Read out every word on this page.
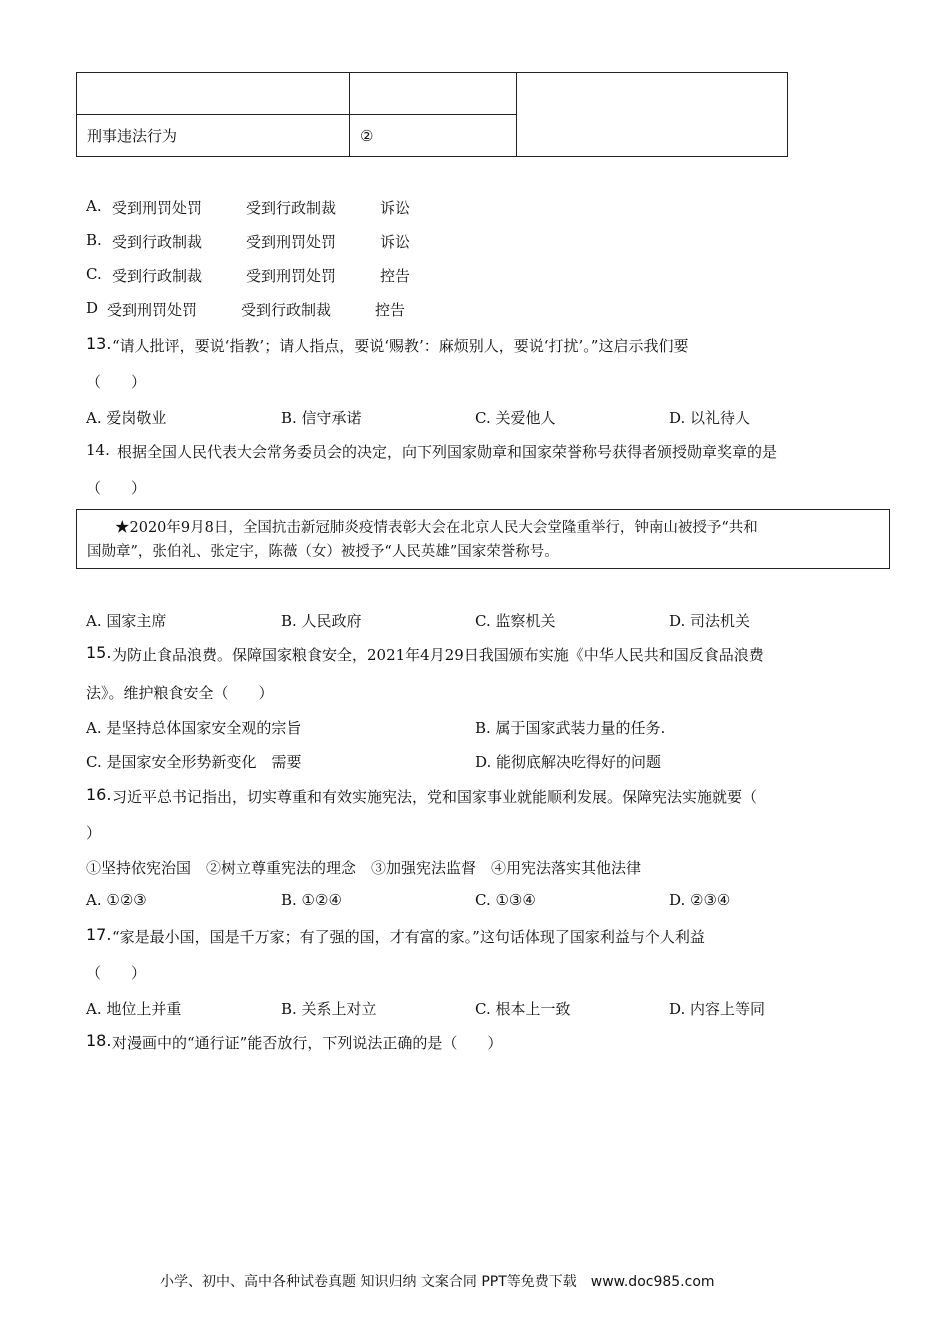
刑事违法行为	②	
A. 受到刑罚处罚	受到行政制裁	诉讼
B. 受到行政制裁	受到刑罚处罚	诉讼
C. 受到行政制裁	受到刑罚处罚	控告
D 受到刑罚处罚	受到行政制裁	控告
13. “请人批评，要说‘指教’；请人指点，要说‘赐教’：麻烦别人，要说‘打扰’。”这启示我们要
（　　）
A. 爱岗敬业	B. 信守承诺	C. 关爱他人	D. 以礼待人
14. 根据全国人民代表大会常务委员会的决定，向下列国家勋章和国家荣誉称号获得者颁授勋章奖章的是
（　　）
★2020年9月8日，全国抗击新冠肺炎疫情表彰大会在北京人民大会堂隆重举行，钟南山被授予“共和
国勋章”，张伯礼、张定宇，陈薇（女）被授予“人民英雄”国家荣誉称号。
A. 国家主席	B. 人民政府	C. 监察机关	D. 司法机关
15. 为防止食品浪费。保障国家粮食安全，2021年4月29日我国颁布实施《中华人民共和国反食品浪费
法》。维护粮食安全（　　）
A. 是坚持总体国家安全观的宗旨	B. 属于国家武装力量的任务.
C. 是国家安全形势新变化　需要	D. 能彻底解决吃得好的问题
16. 习近平总书记指出，切实尊重和有效实施宪法，党和国家事业就能顺利发展。保障宪法实施就要（
）
①坚持依宪治国　②树立尊重宪法的理念　③加强宪法监督　④用宪法落实其他法律
A. ①②③	B. ①②④	C. ①③④	D. ②③④
17. “家是最小国，国是千万家；有了强的国，才有富的家。”这句话体现了国家利益与个人利益
（　　）
A. 地位上并重	B. 关系上对立	C. 根本上一致	D. 内容上等同
18. 对漫画中的“通行证”能否放行，下列说法正确的是（　　）
小学、初中、高中各种试卷真题 知识归纳 文案合同 PPT等免费下载　www.doc985.com
